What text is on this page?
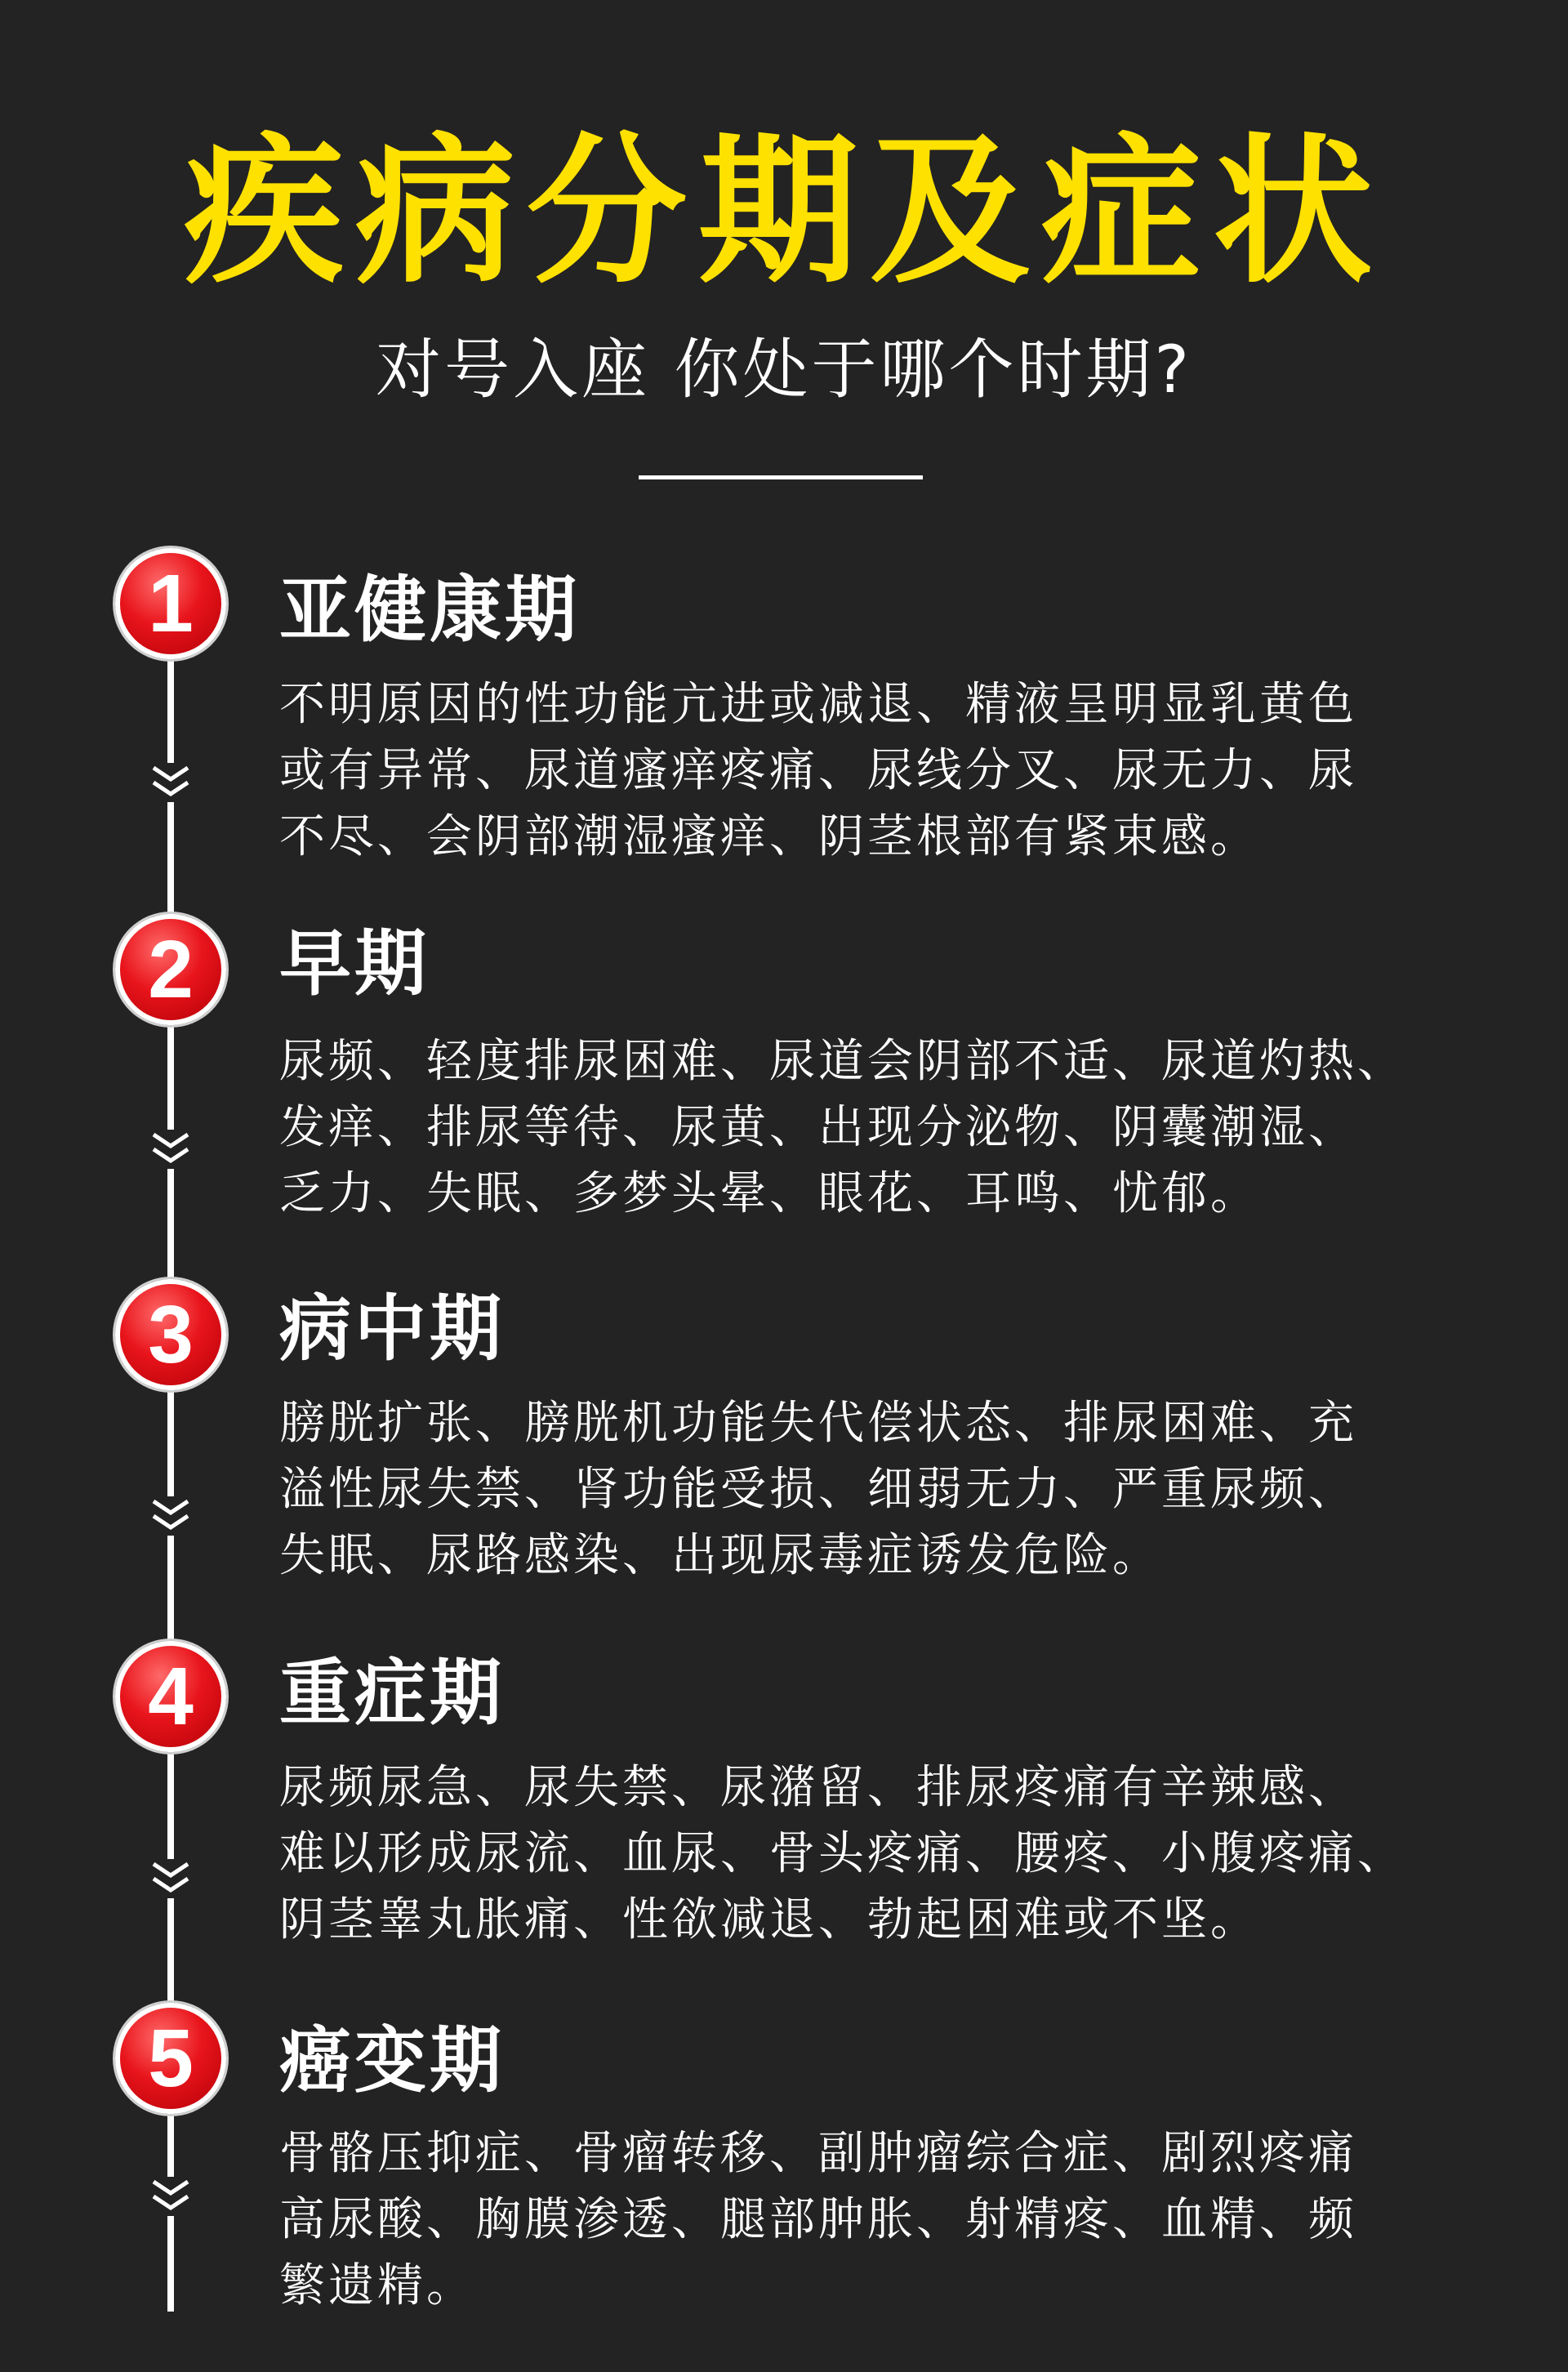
疾病分期及症状
对号入座 你处于哪个时期?
1	亚健康期
不明原因的性功能亢进或减退、精液呈明显乳黄色
或有异常、尿道瘙痒疼痛、尿线分叉、尿无力、尿
不尽、会阴部潮湿瘙痒、阴茎根部有紧束感。
2	早期
尿频、轻度排尿困难、尿道会阴部不适、尿道灼热、
发痒、排尿等待、尿黄、出现分泌物、阴囊潮湿、
乏力、失眠、多梦头晕、眼花、耳鸣、忧郁。
3	病中期
膀胱扩张、膀胱机功能失代偿状态、排尿困难、充
溢性尿失禁、肾功能受损、细弱无力、严重尿频、
失眠、尿路感染、出现尿毒症诱发危险。
4	重症期
尿频尿急、尿失禁、尿潴留、排尿疼痛有辛辣感、
难以形成尿流、血尿、骨头疼痛、腰疼、小腹疼痛、
阴茎睾丸胀痛、性欲减退、勃起困难或不坚。
5	癌变期
骨骼压抑症、骨瘤转移、副肿瘤综合症、剧烈疼痛
高尿酸、胸膜渗透、腿部肿胀、射精疼、血精、频
繁遗精。
